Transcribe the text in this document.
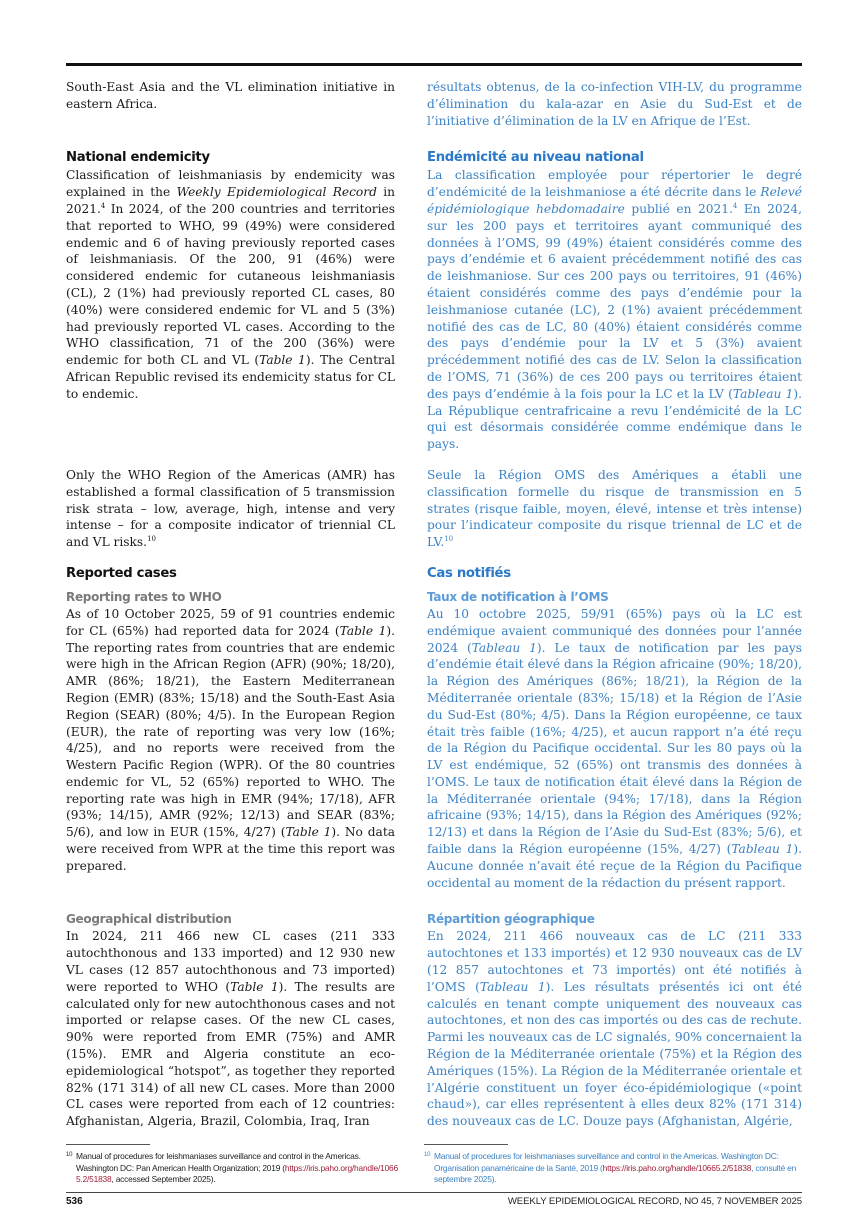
South-East Asia and the VL elimination initiative in eastern Africa.

résultats obtenus, de la co-infection VIH-LV, du programme d’élimination du kala-azar en Asie du Sud-Est et de l’initiative d’élimination de la LV en Afrique de l’Est.

National endemicity

Classification of leishmaniasis by endemicity was explained in the Weekly Epidemiological Record in 2021.$^4$ In 2024, of the 200 countries and territories that reported to WHO, 99 (49%) were considered endemic and 6 of having previously reported cases of leishmaniasis. Of the 200, 91 (46%) were considered endemic for cutaneous leishmaniasis (CL), 2 (1%) had previously reported CL cases, 80 (40%) were considered endemic for VL and 5 (3%) had previously reported VL cases. According to the WHO classification, 71 of the 200 (36%) were endemic for both CL and VL (Table 1). The Central African Republic revised its endemicity status for CL to endemic.

Endémicité au niveau national

La classification employée pour répertorier le degré d’endémicité de la leishmaniose a été décrite dans le Relevé épidémiologique hebdomadaire publié en 2021.$^4$ En 2024, sur les 200 pays et territoires ayant communiqué des données à l’OMS, 99 (49%) étaient considérés comme des pays d’endémie et 6 avaient précédemment notifié des cas de leishmaniose. Sur ces 200 pays ou territoires, 91 (46%) étaient considérés comme des pays d’endémie pour la leishmaniose cutanée (LC), 2 (1%) avaient précédemment notifié des cas de LC, 80 (40%) étaient considérés comme des pays d’endémie pour la LV et 5 (3%) avaient précédemment notifié des cas de LV. Selon la classification de l’OMS, 71 (36%) de ces 200 pays ou territoires étaient des pays d’endémie à la fois pour la LC et la LV (Tableau 1). La République centrafricaine a revu l’endémicité de la LC qui est désormais considérée comme endémique dans le pays.

Only the WHO Region of the Americas (AMR) has established a formal classification of 5 transmission risk strata – low, average, high, intense and very intense – for a composite indicator of triennial CL and VL risks.$^{10}$

Seule la Région OMS des Amériques a établi une classification formelle du risque de transmission en 5 strates (risque faible, moyen, élevé, intense et très intense) pour l’indicateur composite du risque triennal de LC et de LV.$^{10}$

Reported cases
Reporting rates to WHO

As of 10 October 2025, 59 of 91 countries endemic for CL (65%) had reported data for 2024 (Table 1). The reporting rates from countries that are endemic were high in the African Region (AFR) (90%; 18/20), AMR (86%; 18/21), the Eastern Mediterranean Region (EMR) (83%; 15/18) and the South-East Asia Region (SEAR) (80%; 4/5). In the European Region (EUR), the rate of reporting was very low (16%; 4/25), and no reports were received from the Western Pacific Region (WPR). Of the 80 countries endemic for VL, 52 (65%) reported to WHO. The reporting rate was high in EMR (94%; 17/18), AFR (93%; 14/15), AMR (92%; 12/13) and SEAR (83%; 5/6), and low in EUR (15%, 4/27) (Table 1). No data were received from WPR at the time this report was prepared.

Cas notifiés
Taux de notification à l’OMS

Au 10 octobre 2025, 59/91 (65%) pays où la LC est endémique avaient communiqué des données pour l’année 2024 (Tableau 1). Le taux de notification par les pays d’endémie était élevé dans la Région africaine (90%; 18/20), la Région des Amériques (86%; 18/21), la Région de la Méditerranée orientale (83%; 15/18) et la Région de l’Asie du Sud-Est (80%; 4/5). Dans la Région européenne, ce taux était très faible (16%; 4/25), et aucun rapport n’a été reçu de la Région du Pacifique occidental. Sur les 80 pays où la LV est endémique, 52 (65%) ont transmis des données à l’OMS. Le taux de notification était élevé dans la Région de la Méditerranée orientale (94%; 17/18), dans la Région africaine (93%; 14/15), dans la Région des Amériques (92%; 12/13) et dans la Région de l’Asie du Sud-Est (83%; 5/6), et faible dans la Région européenne (15%, 4/27) (Tableau 1). Aucune donnée n’avait été reçue de la Région du Pacifique occidental au moment de la rédaction du présent rapport.

Geographical distribution

In 2024, 211 466 new CL cases (211 333 autochthonous and 133 imported) and 12 930 new VL cases (12 857 autochthonous and 73 imported) were reported to WHO (Table 1). The results are calculated only for new autochthonous cases and not imported or relapse cases. Of the new CL cases, 90% were reported from EMR (75%) and AMR (15%). EMR and Algeria constitute an eco-epidemiological “hotspot”, as together they reported 82% (171 314) of all new CL cases. More than 2000 CL cases were reported from each of 12 countries: Afghanistan, Algeria, Brazil, Colombia, Iraq, Iran

Répartition géographique

En 2024, 211 466 nouveaux cas de LC (211 333 autochtones et 133 importés) et 12 930 nouveaux cas de LV (12 857 autochtones et 73 importés) ont été notifiés à l’OMS (Tableau 1). Les résultats présentés ici ont été calculés en tenant compte uniquement des nouveaux cas autochtones, et non des cas importés ou des cas de rechute. Parmi les nouveaux cas de LC signalés, 90% concernaient la Région de la Méditerranée orientale (75%) et la Région des Amériques (15%). La Région de la Méditerranée orientale et l’Algérie constituent un foyer éco-épidémiologique («point chaud»), car elles représentent à elles deux 82% (171 314) des nouveaux cas de LC. Douze pays (Afghanistan, Algérie,

10 Manual of procedures for leishmaniases surveillance and control in the Americas. Washington DC: Pan American Health Organization; 2019 (https://iris.paho.org/handle/10665.2/51838, accessed September 2025).
10 Manual of procedures for leishmaniases surveillance and control in the Americas. Washington DC: Organisation panaméricaine de la Santé, 2019 (https://iris.paho.org/handle/10665.2/51838, consulté en septembre 2025).
536	WEEKLY EPIDEMIOLOGICAL RECORD, NO 45, 7 NOVEMBER 2025
